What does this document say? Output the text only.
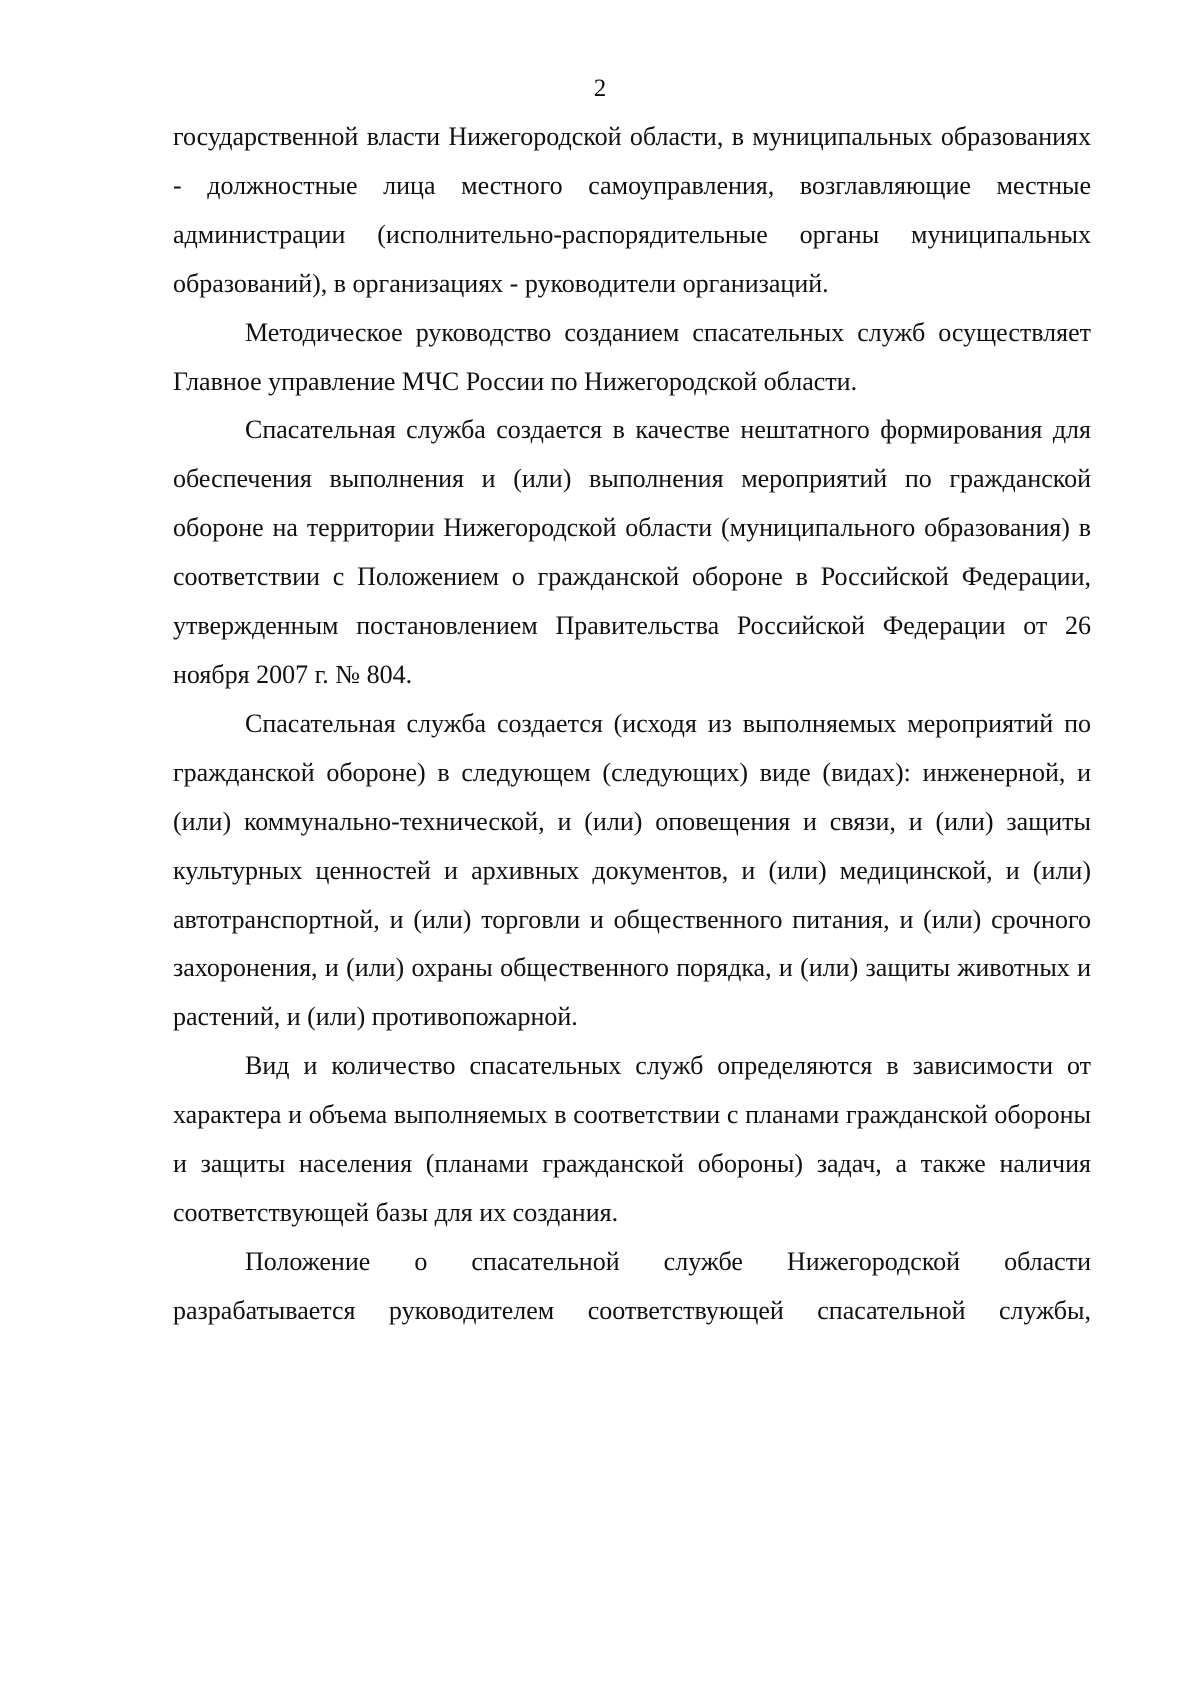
2

государственной власти Нижегородской области, в муниципальных образованиях - должностные лица местного самоуправления, возглавляющие местные администрации (исполнительно-распорядительные органы муниципальных образований), в организациях - руководители организаций.

Методическое руководство созданием спасательных служб осуществляет Главное управление МЧС России по Нижегородской области.

Спасательная служба создается в качестве нештатного формирования для обеспечения выполнения и (или) выполнения мероприятий по гражданской обороне на территории Нижегородской области (муниципального образования) в соответствии с Положением о гражданской обороне в Российской Федерации, утвержденным постановлением Правительства Российской Федерации от 26 ноября 2007 г. № 804.

Спасательная служба создается (исходя из выполняемых мероприятий по гражданской обороне) в следующем (следующих) виде (видах): инженерной, и (или) коммунально-технической, и (или) оповещения и связи, и (или) защиты культурных ценностей и архивных документов, и (или) медицинской, и (или) автотранспортной, и (или) торговли и общественного питания, и (или) срочного захоронения, и (или) охраны общественного порядка, и (или) защиты животных и растений, и (или) противопожарной.

Вид и количество спасательных служб определяются в зависимости от характера и объема выполняемых в соответствии с планами гражданской обороны и защиты населения (планами гражданской обороны) задач, а также наличия соответствующей базы для их создания.

Положение о спасательной службе Нижегородской области разрабатывается руководителем соответствующей спасательной службы,
